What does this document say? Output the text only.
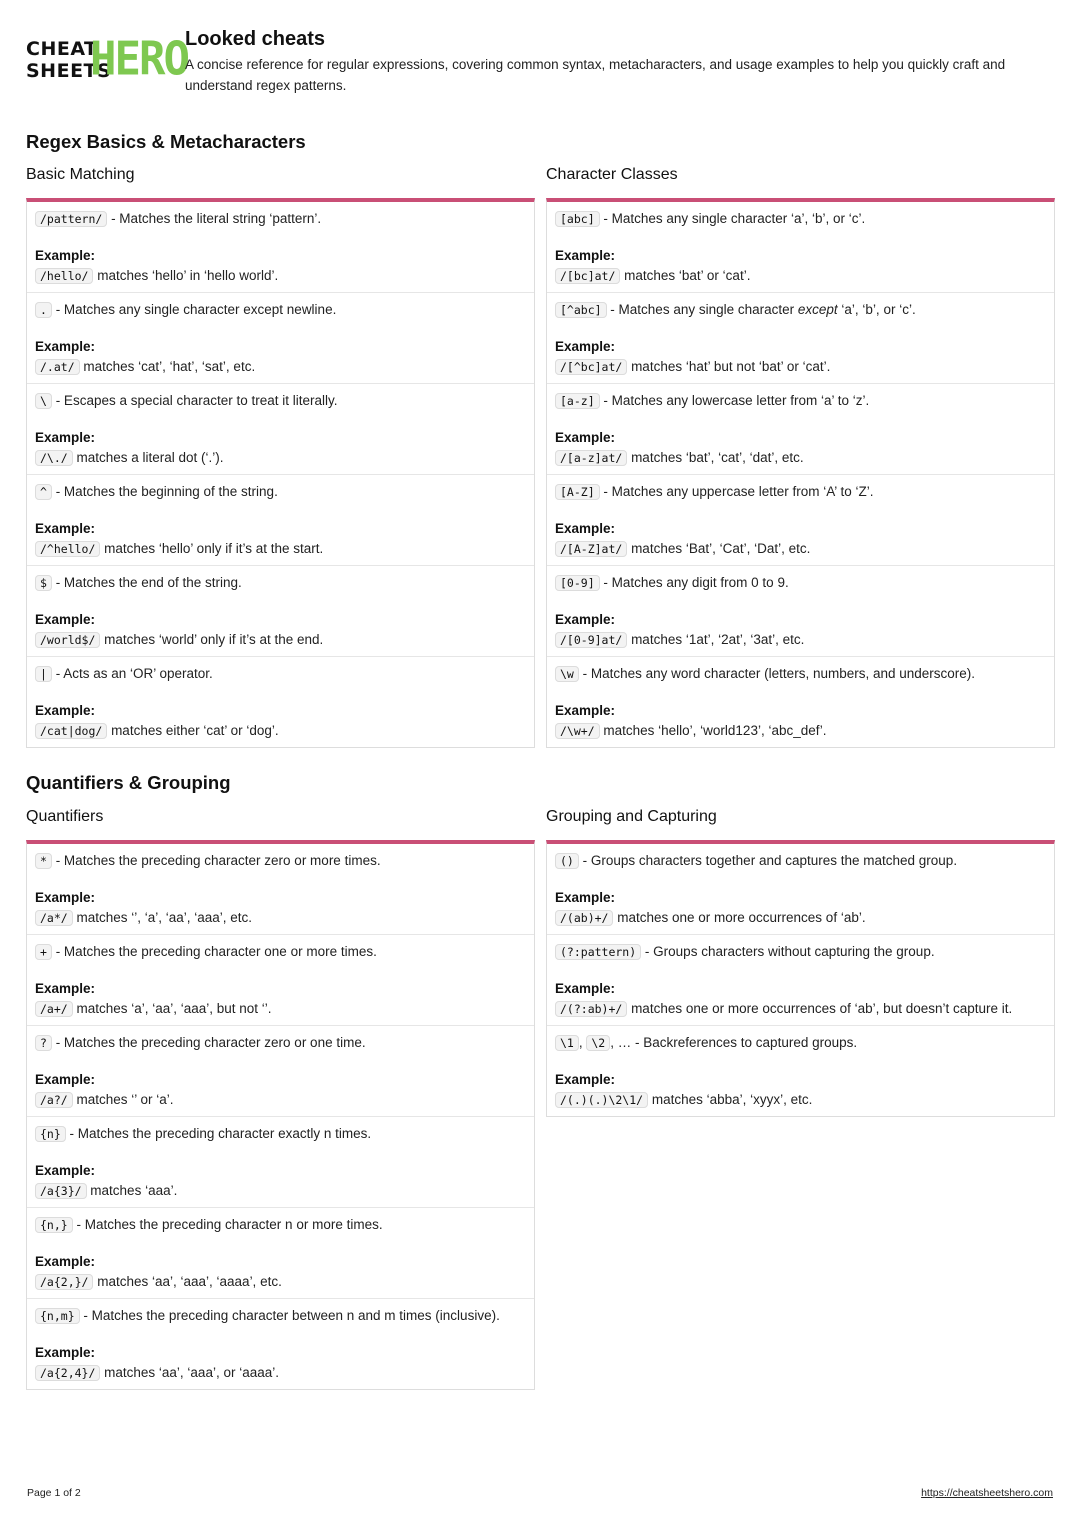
CHEAT
SHEETS
HERO
Looked cheats
A concise reference for regular expressions, covering common syntax, metacharacters, and usage examples to help you quickly craft and understand regex patterns.
Regex Basics & Metacharacters
Basic Matching
/pattern/ - Matches the literal string ‘pattern’.
Example:
/hello/ matches ‘hello’ in ‘hello world’.
. - Matches any single character except newline.
Example:
/.at/ matches ‘cat’, ‘hat’, ‘sat’, etc.
\ - Escapes a special character to treat it literally.
Example:
/\./ matches a literal dot (‘.’).
^ - Matches the beginning of the string.
Example:
/^hello/ matches ‘hello’ only if it’s at the start.
$ - Matches the end of the string.
Example:
/world$/ matches ‘world’ only if it’s at the end.
| - Acts as an ‘OR’ operator.
Example:
/cat|dog/ matches either ‘cat’ or ‘dog’.
Character Classes
[abc] - Matches any single character ‘a’, ‘b’, or ‘c’.
Example:
/[bc]at/ matches ‘bat’ or ‘cat’.
[^abc] - Matches any single character except ‘a’, ‘b’, or ‘c’.
Example:
/[^bc]at/ matches ‘hat’ but not ‘bat’ or ‘cat’.
[a-z] - Matches any lowercase letter from ‘a’ to ‘z’.
Example:
/[a-z]at/ matches ‘bat’, ‘cat’, ‘dat’, etc.
[A-Z] - Matches any uppercase letter from ‘A’ to ‘Z’.
Example:
/[A-Z]at/ matches ‘Bat’, ‘Cat’, ‘Dat’, etc.
[0-9] - Matches any digit from 0 to 9.
Example:
/[0-9]at/ matches ‘1at’, ‘2at’, ‘3at’, etc.
\w - Matches any word character (letters, numbers, and underscore).
Example:
/\w+/ matches ‘hello’, ‘world123’, ‘abc_def’.
Quantifiers & Grouping
Quantifiers
* - Matches the preceding character zero or more times.
Example:
/a*/ matches ‘’, ‘a’, ‘aa’, ‘aaa’, etc.
+ - Matches the preceding character one or more times.
Example:
/a+/ matches ‘a’, ‘aa’, ‘aaa’, but not ‘’.
? - Matches the preceding character zero or one time.
Example:
/a?/ matches ‘’ or ‘a’.
{n} - Matches the preceding character exactly n times.
Example:
/a{3}/ matches ‘aaa’.
{n,} - Matches the preceding character n or more times.
Example:
/a{2,}/ matches ‘aa’, ‘aaa’, ‘aaaa’, etc.
{n,m} - Matches the preceding character between n and m times (inclusive).
Example:
/a{2,4}/ matches ‘aa’, ‘aaa’, or ‘aaaa’.
Grouping and Capturing
() - Groups characters together and captures the matched group.
Example:
/(ab)+/ matches one or more occurrences of ‘ab’.
(?:pattern) - Groups characters without capturing the group.
Example:
/(?:ab)+/ matches one or more occurrences of ‘ab’, but doesn’t capture it.
\1 , \2 , … - Backreferences to captured groups.
Example:
/(.)(.)\2\1/ matches ‘abba’, ‘xyyx’, etc.
Page 1 of 2	https://cheatsheetshero.com
